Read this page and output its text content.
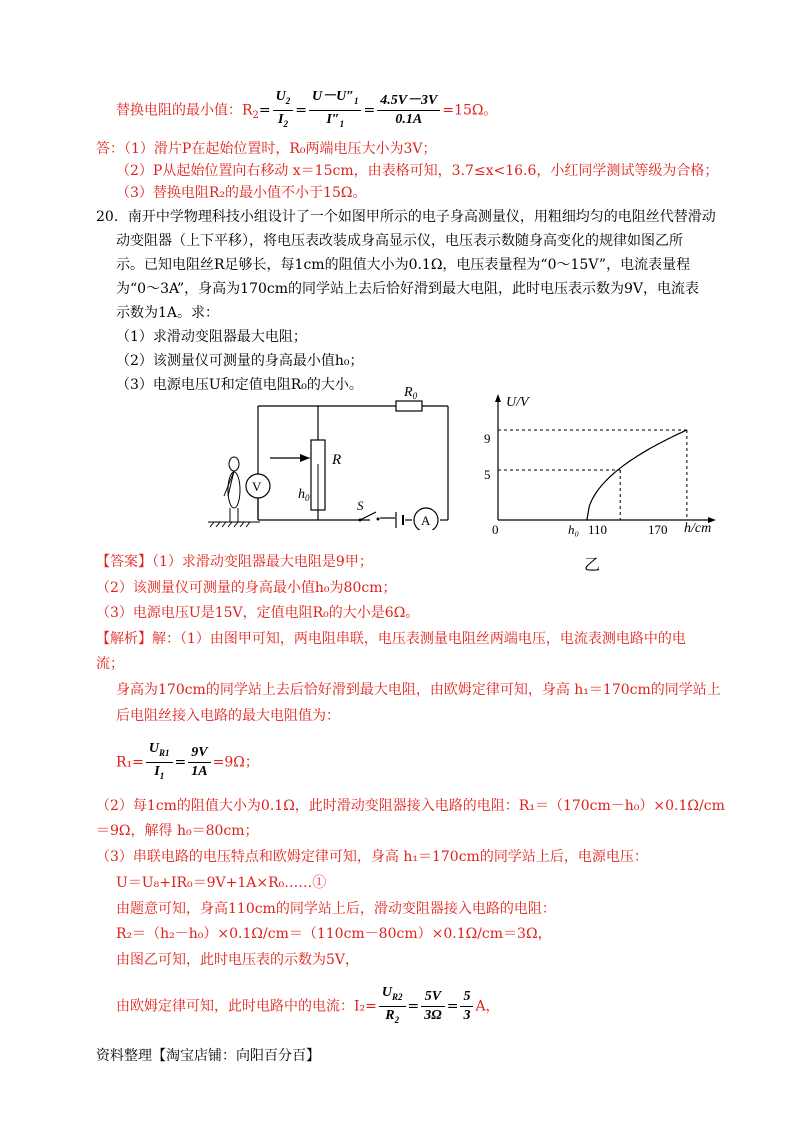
替换电阻的最小值：$R_2= \frac{U_2}{I_2} = \frac{U-U''_1}{I''_1} = \frac{4.5V-3V}{0.1A} =15\Omega$。
答：（1）滑片P在起始位置时，R₀两端电压大小为3V；
（2）P从起始位置向右移动 x＝15cm，由表格可知，3.7≤x<16.6，小红同学测试等级为合格；
（3）替换电阻R₂的最小值不小于15Ω。
20．南开中学物理科技小组设计了一个如图甲所示的电子身高测量仪，用粗细均匀的电阻丝代替滑动
动变阻器（上下平移），将电压表改装成身高显示仪，电压表示数随身高变化的规律如图乙所
示。已知电阻丝R足够长，每1cm的阻值大小为0.1Ω，电压表量程为“0～15V”，电流表量程
为“0～3A”，身高为170cm的同学站上去后恰好滑到最大电阻，此时电压表示数为9V，电流表
示数为1A。求：
（1）求滑动变阻器最大电阻；
（2）该测量仪可测量的身高最小值h₀；
（3）电源电压U和定值电阻R₀的大小。	$R_0$
R
V
$h_0$	S
A
U/V
h/cm
0	h₀ 110	170
9
5
乙
【答案】（1）求滑动变阻器最大电阻是9甲；
（2）该测量仪可测量的身高最小值h₀为80cm；
（3）电源电压U是15V，定值电阻R₀的大小是6Ω。
【解析】解：（1）由图甲可知，两电阻串联，电压表测量电阻丝两端电压，电流表测电路中的电
流；
身高为170cm的同学站上去后恰好滑到最大电阻，由欧姆定律可知，身高 h₁＝170cm的同学站上
后电阻丝接入电路的最大电阻值为：
$R_1= \frac{U_{R1}}{I_1} = \frac{9V}{1A} =9\Omega$；
（2）每1cm的阻值大小为0.1Ω，此时滑动变阻器接入电路的电阻：R₁＝（170cm－h₀）×0.1Ω/cm
＝9Ω，解得 h₀＝80cm；
（3）串联电路的电压特点和欧姆定律可知，身高 h₁＝170cm的同学站上后，电源电压：
U＝U₈+IR₀＝9V+1A×R₀……①
由题意可知，身高110cm的同学站上后，滑动变阻器接入电路的电阻：
R₂＝（h₂－h₀）×0.1Ω/cm＝（110cm－80cm）×0.1Ω/cm＝3Ω，
由图乙可知，此时电压表的示数为5V，
由欧姆定律可知，此时电路中的电流：$I_2= \frac{U_{R2}}{R_2} = \frac{5V}{3\Omega} = \frac{5}{3}$ A，
资料整理【淘宝店铺：向阳百分百】
